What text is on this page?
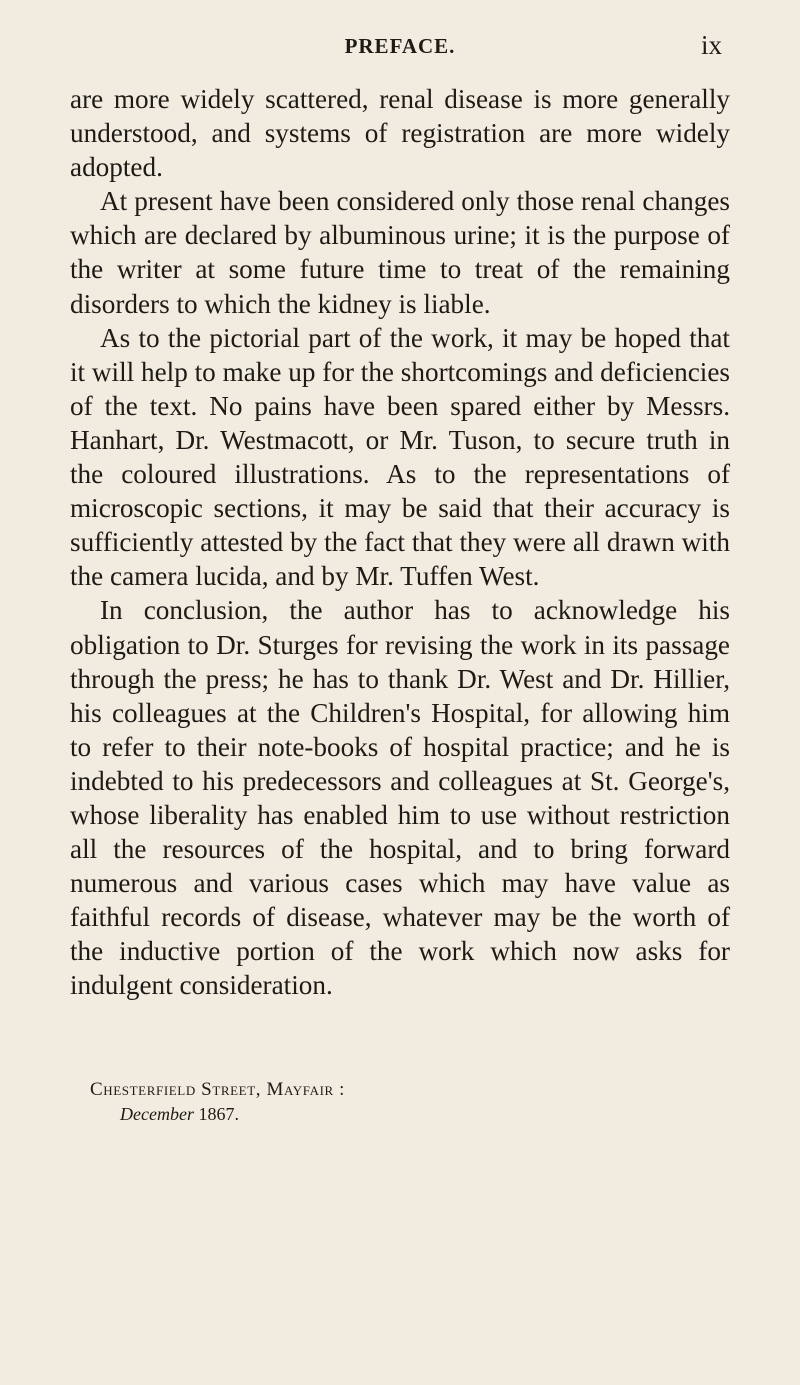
PREFACE.	ix

are more widely scattered, renal disease is more generally understood, and systems of registration are more widely adopted.

At present have been considered only those renal changes which are declared by albuminous urine; it is the purpose of the writer at some future time to treat of the remaining disorders to which the kidney is liable.

As to the pictorial part of the work, it may be hoped that it will help to make up for the shortcomings and deficiencies of the text. No pains have been spared either by Messrs. Hanhart, Dr. Westmacott, or Mr. Tuson, to secure truth in the coloured illustrations. As to the representations of microscopic sections, it may be said that their accuracy is sufficiently attested by the fact that they were all drawn with the camera lucida, and by Mr. Tuffen West.

In conclusion, the author has to acknowledge his obligation to Dr. Sturges for revising the work in its passage through the press; he has to thank Dr. West and Dr. Hillier, his colleagues at the Children's Hospital, for allowing him to refer to their note-books of hospital practice; and he is indebted to his predecessors and colleagues at St. George's, whose liberality has enabled him to use without restriction all the resources of the hospital, and to bring forward numerous and various cases which may have value as faithful records of disease, whatever may be the worth of the inductive portion of the work which now asks for indulgent consideration.

Chesterfield Street, Mayfair :
December 1867.
